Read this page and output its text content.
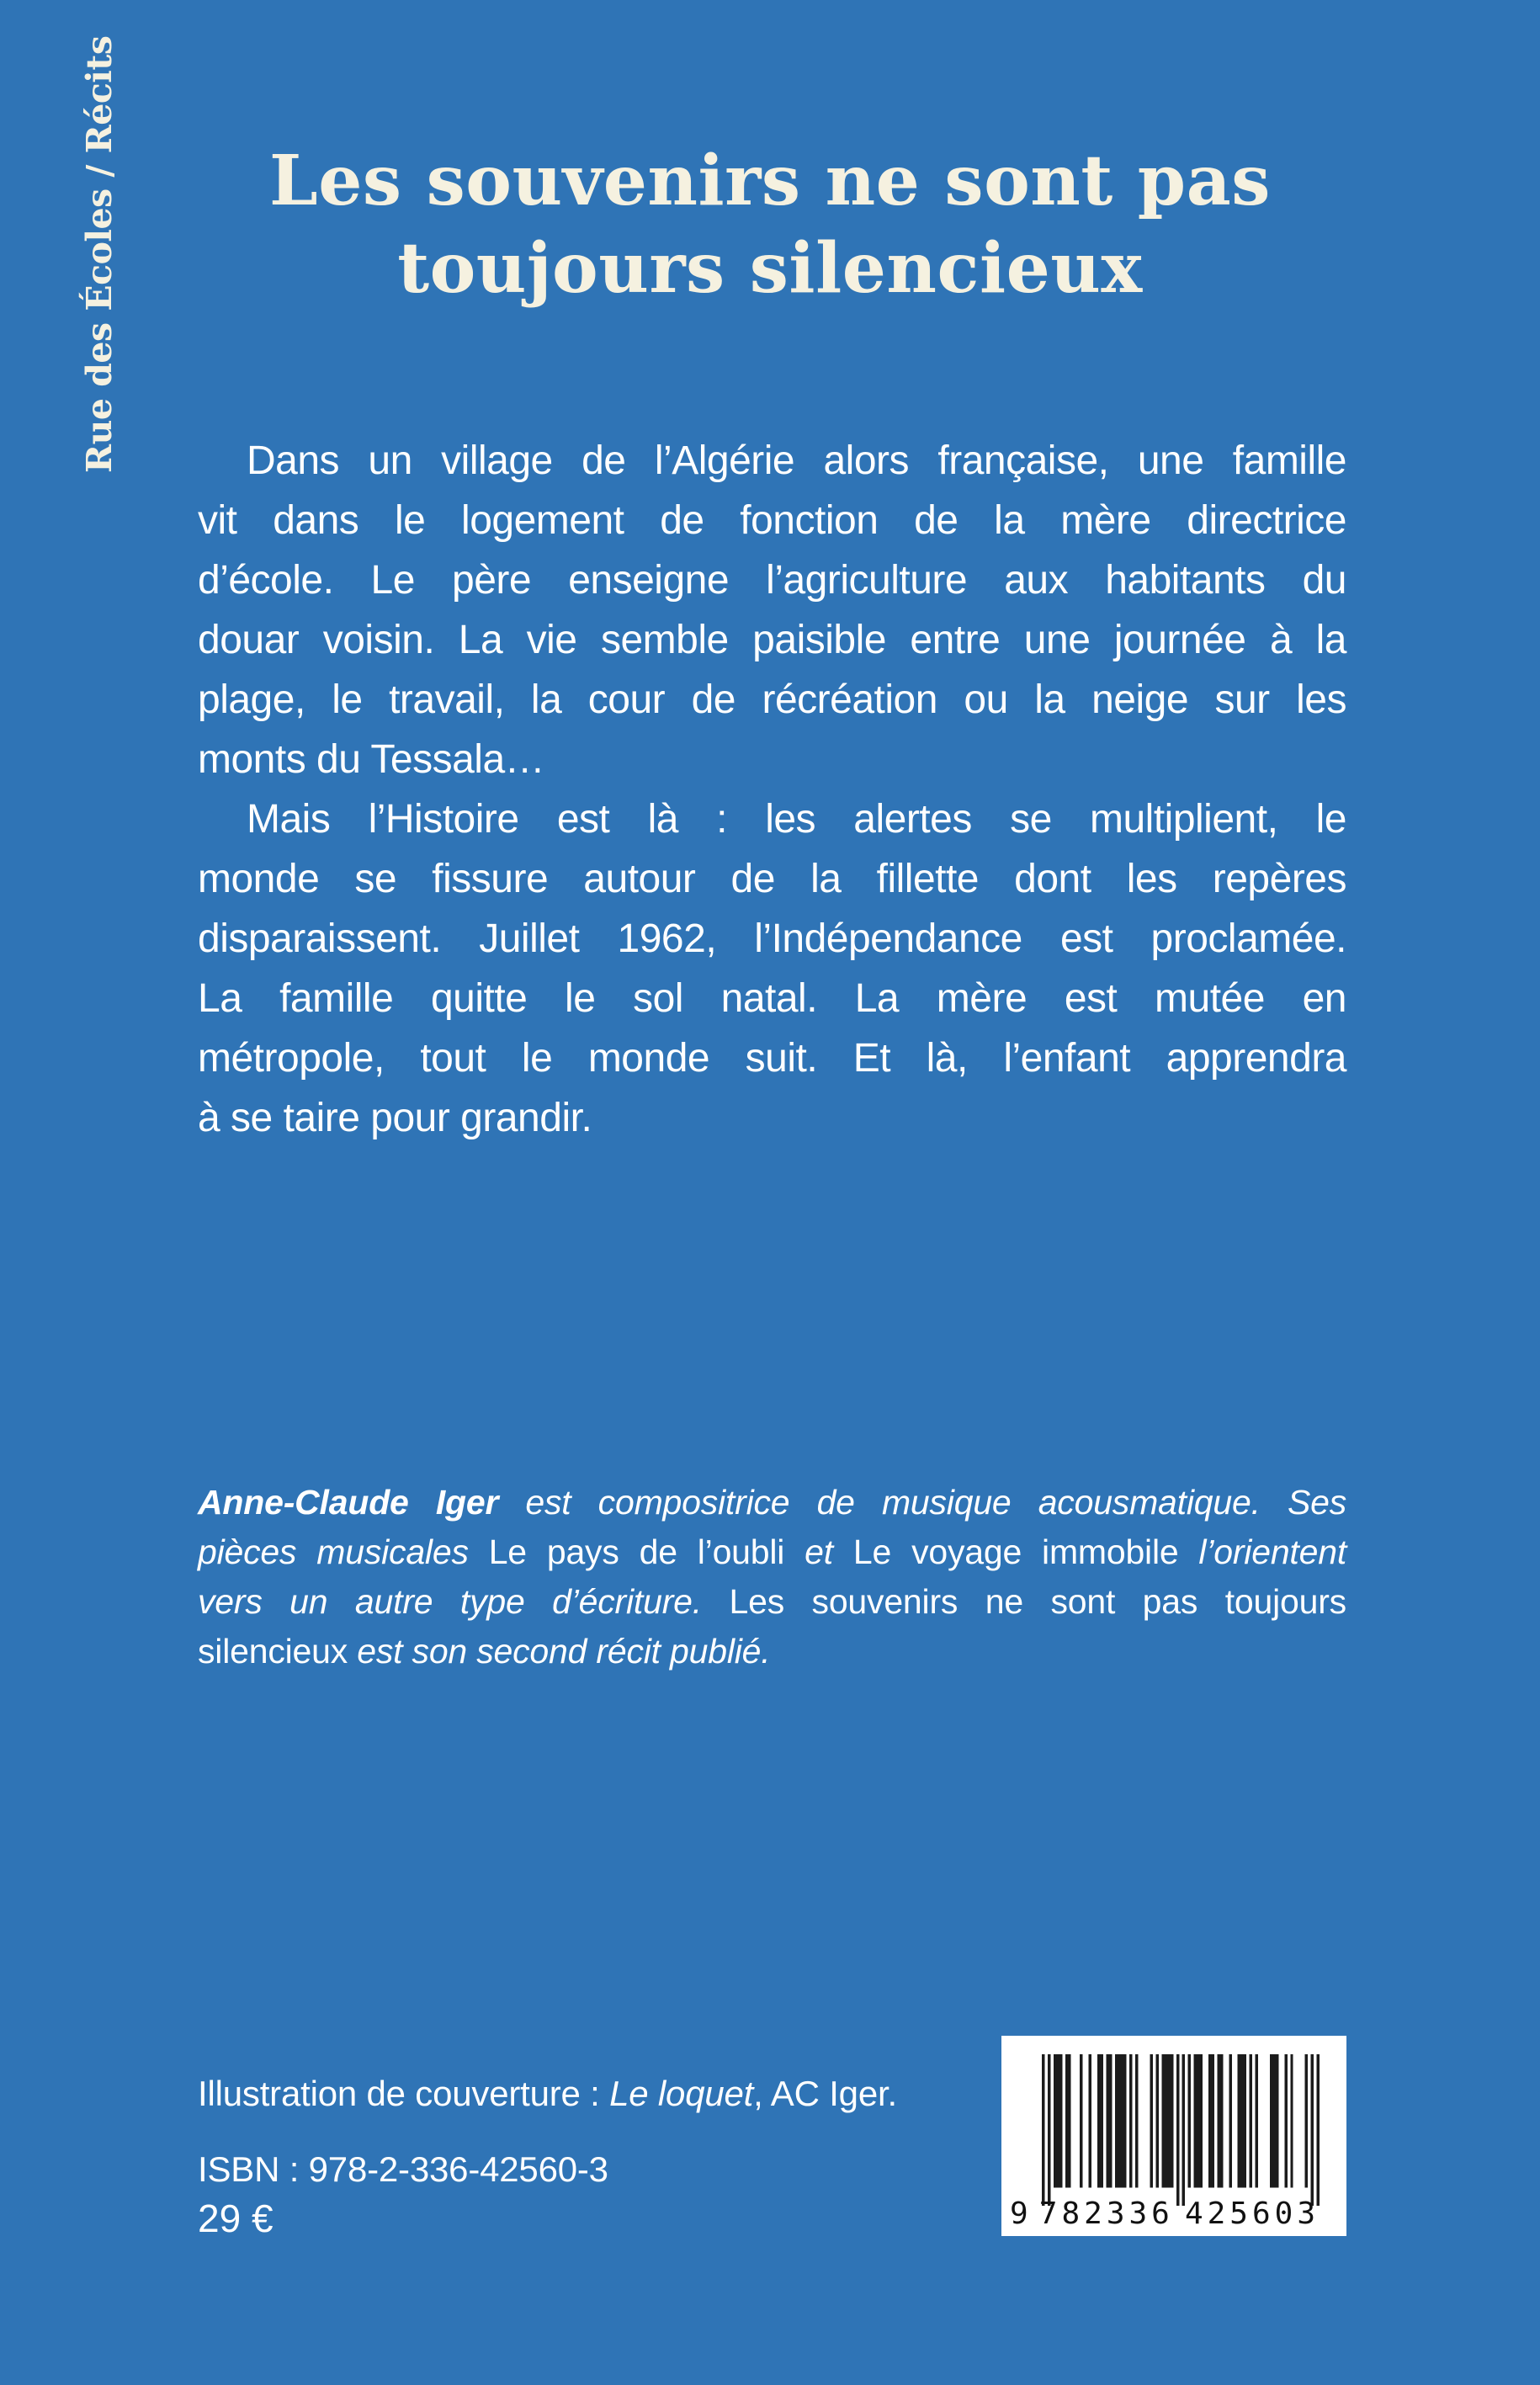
Rue des Écoles / Récits	Les souvenirs ne sont pas
toujours silencieux
Dans un village de l’Algérie alors française, une famille
vit dans le logement de fonction de la mère directrice
d’école. Le père enseigne l’agriculture aux habitants du
douar voisin. La vie semble paisible entre une journée à la
plage, le travail, la cour de récréation ou la neige sur les
monts du Tessala…
Mais l’Histoire est là : les alertes se multiplient, le
monde se fissure autour de la fillette dont les repères
disparaissent. Juillet 1962, l’Indépendance est proclamée.
La famille quitte le sol natal. La mère est mutée en
métropole, tout le monde suit. Et là, l’enfant apprendra
à se taire pour grandir.
Anne-Claude Iger est compositrice de musique acousmatique. Ses
pièces musicales Le pays de l’oubli et Le voyage immobile l’orientent
vers un autre type d’écriture. Les souvenirs ne sont pas toujours
silencieux est son second récit publié.
Illustration de couverture : Le loquet, AC Iger.
ISBN : 978-2-336-42560-3
29 €	9 782336 425603
